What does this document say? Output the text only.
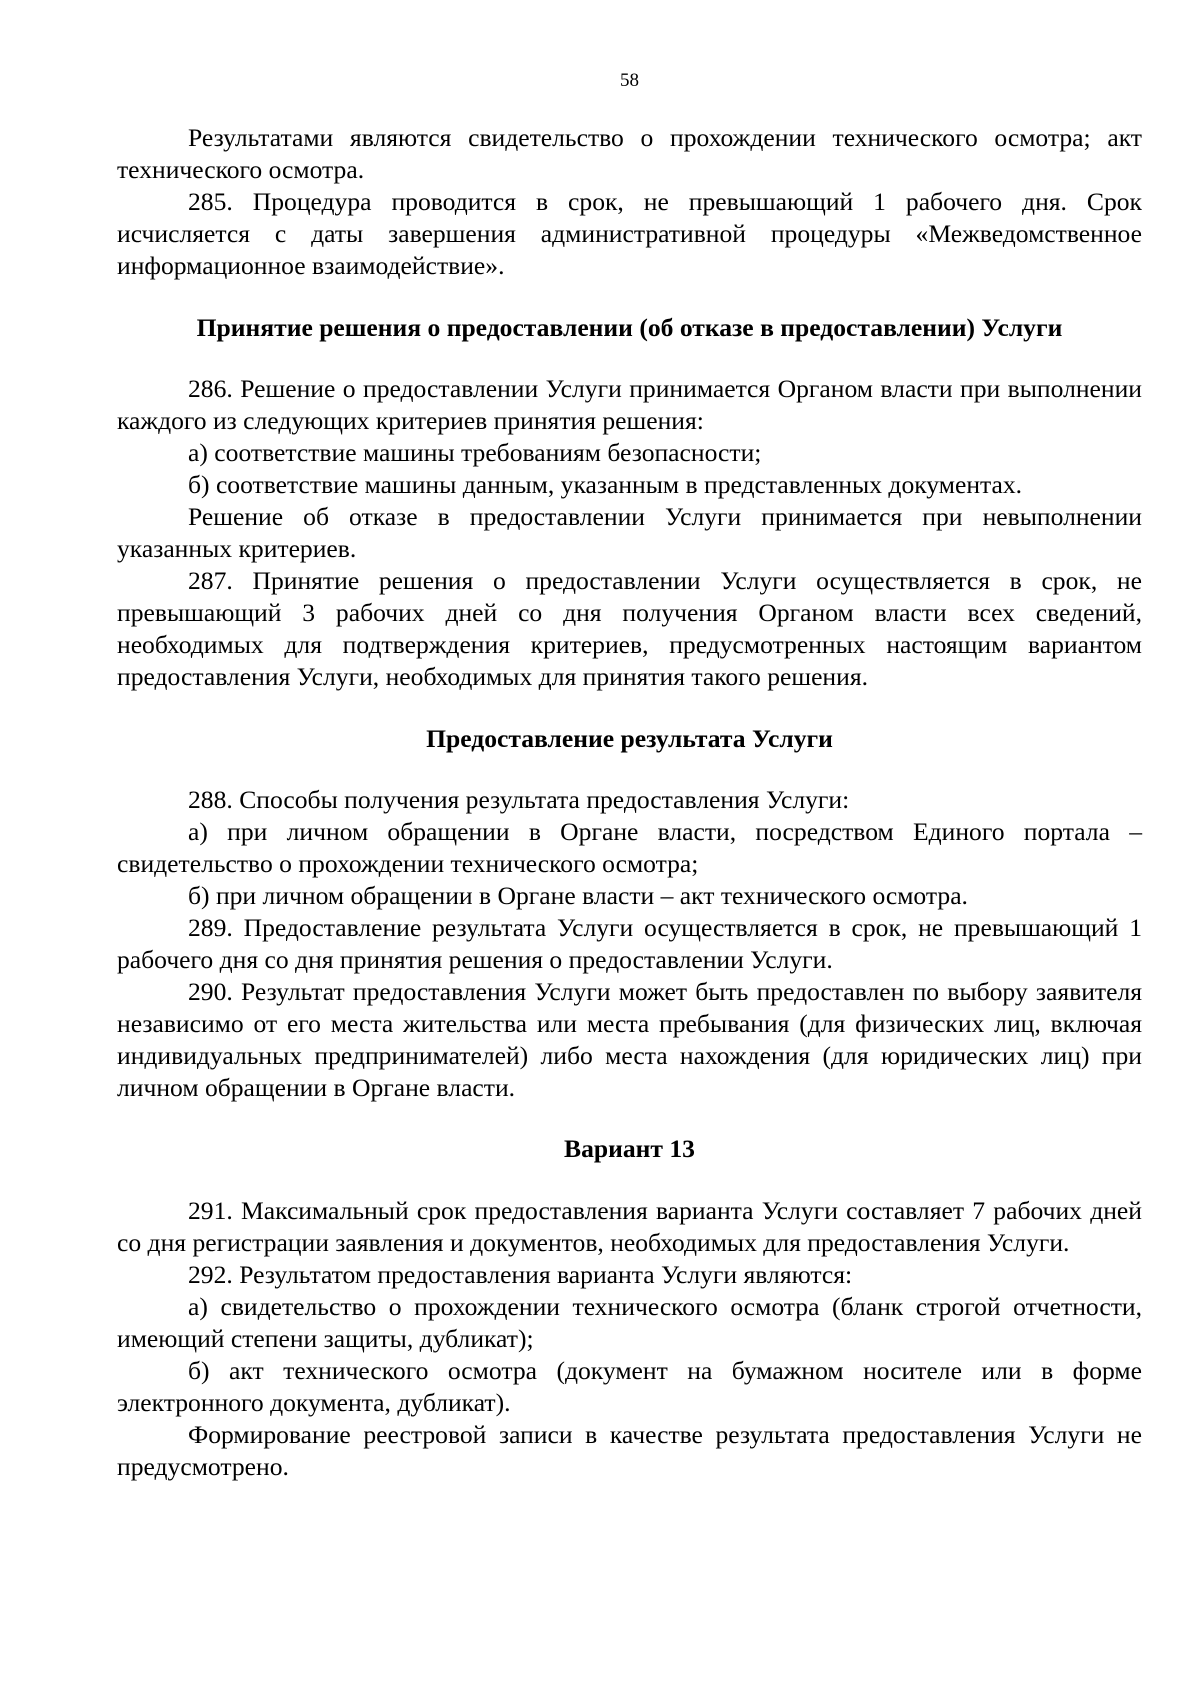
58

Результатами являются свидетельство о прохождении технического осмотра; акт технического осмотра.

285. Процедура проводится в срок, не превышающий 1 рабочего дня. Срок исчисляется с даты завершения административной процедуры «Межведомственное информационное взаимодействие».

Принятие решения о предоставлении (об отказе в предоставлении) Услуги

286. Решение о предоставлении Услуги принимается Органом власти при выполнении каждого из следующих критериев принятия решения:

а) соответствие машины требованиям безопасности;

б) соответствие машины данным, указанным в представленных документах.

Решение об отказе в предоставлении Услуги принимается при невыполнении указанных критериев.

287. Принятие решения о предоставлении Услуги осуществляется в срок, не превышающий 3 рабочих дней со дня получения Органом власти всех сведений, необходимых для подтверждения критериев, предусмотренных настоящим вариантом предоставления Услуги, необходимых для принятия такого решения.

Предоставление результата Услуги

288. Способы получения результата предоставления Услуги:

а) при личном обращении в Органе власти, посредством Единого портала – свидетельство о прохождении технического осмотра;

б) при личном обращении в Органе власти – акт технического осмотра.

289. Предоставление результата Услуги осуществляется в срок, не превышающий 1 рабочего дня со дня принятия решения о предоставлении Услуги.

290. Результат предоставления Услуги может быть предоставлен по выбору заявителя независимо от его места жительства или места пребывания (для физических лиц, включая индивидуальных предпринимателей) либо места нахождения (для юридических лиц) при личном обращении в Органе власти.

Вариант 13

291. Максимальный срок предоставления варианта Услуги составляет 7 рабочих дней со дня регистрации заявления и документов, необходимых для предоставления Услуги.

292. Результатом предоставления варианта Услуги являются:

а) свидетельство о прохождении технического осмотра (бланк строгой отчетности, имеющий степени защиты, дубликат);

б) акт технического осмотра (документ на бумажном носителе или в форме электронного документа, дубликат).

Формирование реестровой записи в качестве результата предоставления Услуги не предусмотрено.
